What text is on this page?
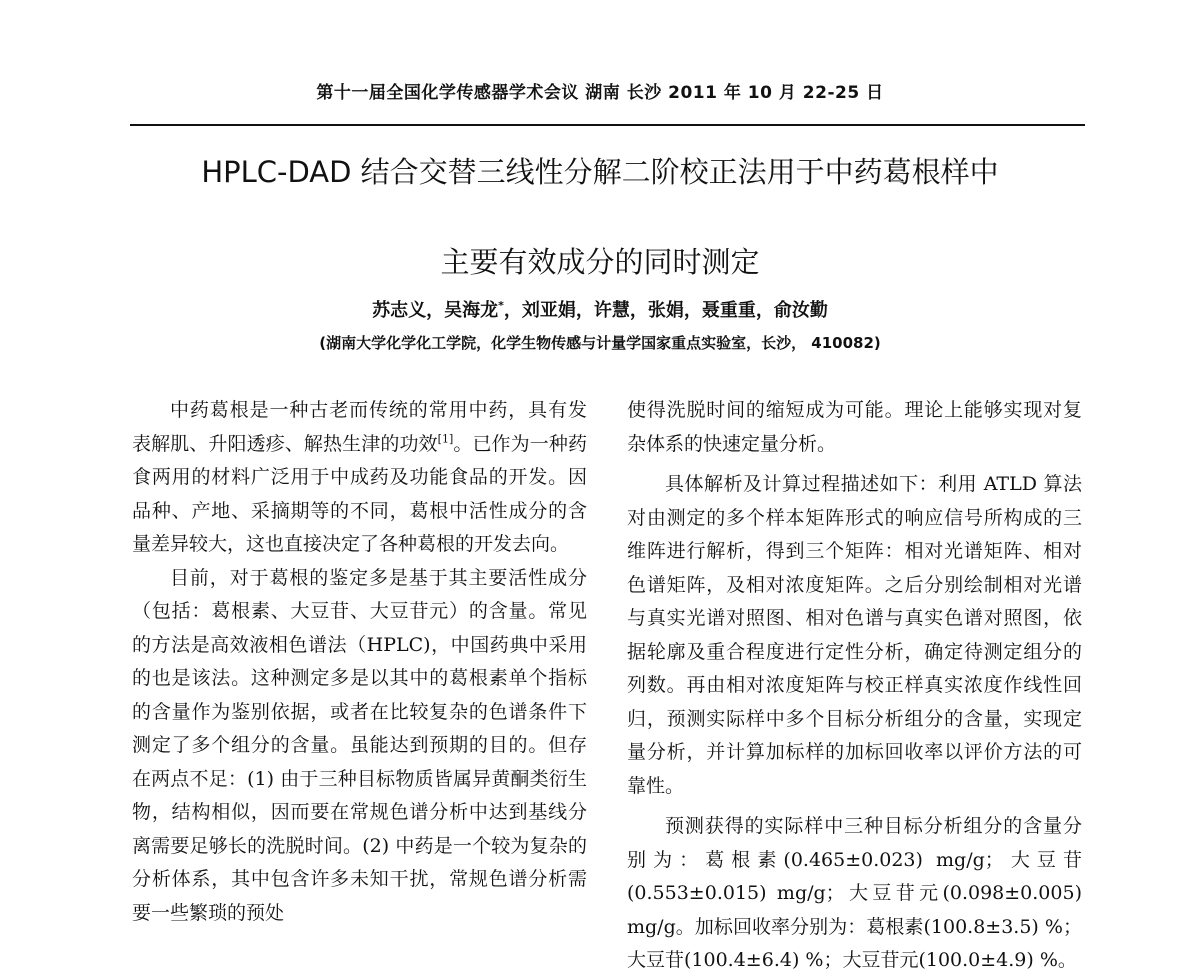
第十一届全国化学传感器学术会议 湖南 长沙 2011 年 10 月 22-25 日
HPLC-DAD 结合交替三线性分解二阶校正法用于中药葛根样中
主要有效成分的同时测定
苏志义，吴海龙*，刘亚娟，许慧，张娟，聂重重，俞汝勤
(湖南大学化学化工学院，化学生物传感与计量学国家重点实验室，长沙， 410082)

中药葛根是一种古老而传统的常用中药，具有发表解肌、升阳透疹、解热生津的功效[1]。已作为一种药食两用的材料广泛用于中成药及功能食品的开发。因品种、产地、采摘期等的不同，葛根中活性成分的含量差异较大，这也直接决定了各种葛根的开发去向。

目前，对于葛根的鉴定多是基于其主要活性成分（包括：葛根素、大豆苷、大豆苷元）的含量。常见的方法是高效液相色谱法（HPLC)，中国药典中采用的也是该法。这种测定多是以其中的葛根素单个指标的含量作为鉴别依据，或者在比较复杂的色谱条件下测定了多个组分的含量。虽能达到预期的目的。但存在两点不足：(1) 由于三种目标物质皆属异黄酮类衍生物，结构相似，因而要在常规色谱分析中达到基线分离需要足够长的洗脱时间。(2) 中药是一个较为复杂的分析体系，其中包含许多未知干扰，常规色谱分析需要一些繁琐的预处

使得洗脱时间的缩短成为可能。理论上能够实现对复杂体系的快速定量分析。

具体解析及计算过程描述如下：利用 ATLD 算法对由测定的多个样本矩阵形式的响应信号所构成的三维阵进行解析，得到三个矩阵：相对光谱矩阵、相对色谱矩阵，及相对浓度矩阵。之后分别绘制相对光谱与真实光谱对照图、相对色谱与真实色谱对照图，依据轮廓及重合程度进行定性分析，确定待测定组分的列数。再由相对浓度矩阵与校正样真实浓度作线性回归，预测实际样中多个目标分析组分的含量，实现定量分析，并计算加标样的加标回收率以评价方法的可靠性。

预测获得的实际样中三种目标分析组分的含量分别为：葛根素(0.465±0.023) mg/g；大豆苷(0.553±0.015) mg/g；大豆苷元(0.098±0.005) mg/g。加标回收率分别为：葛根素(100.8±3.5) %；大豆苷(100.4±6.4) %；大豆苷元(100.0±4.9) %。
